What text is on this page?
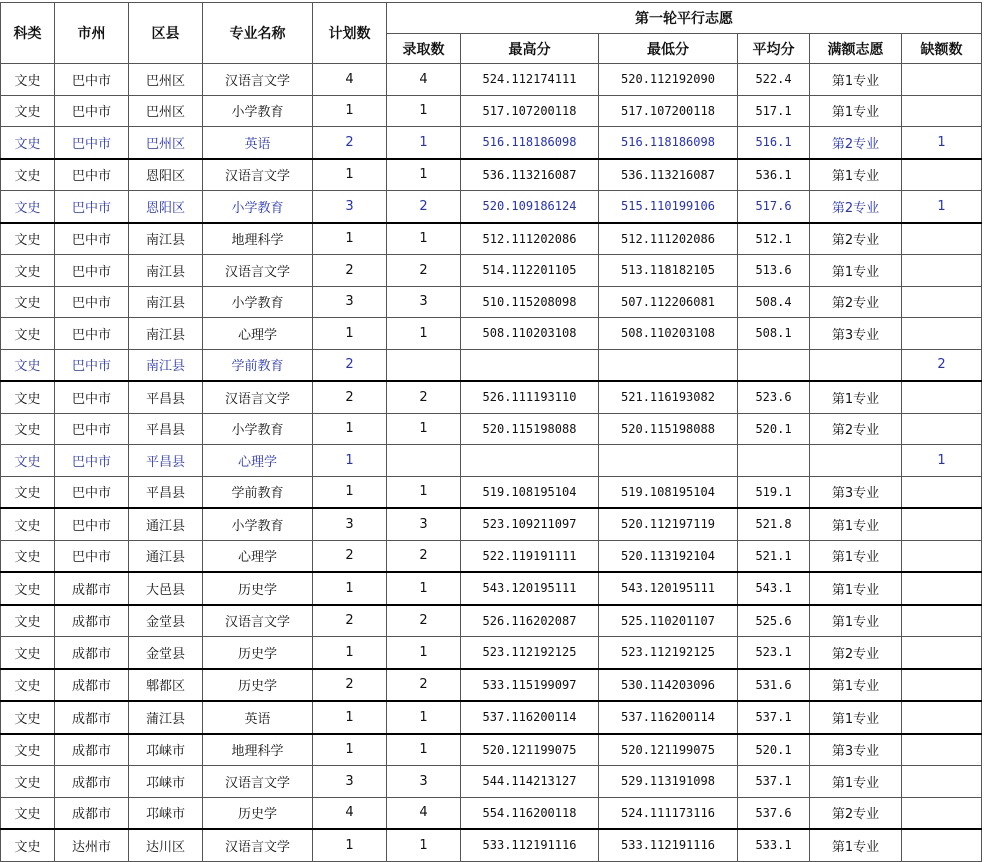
科类	市州	区县	专业名称	计划数	第一轮平行志愿					
					录取数	最高分	最低分	平均分	满额志愿	缺额数
文史	巴中市	巴州区	汉语言文学	4	4	524.112174111	520.112192090	522.4	第1专业	
文史	巴中市	巴州区	小学教育	1	1	517.107200118	517.107200118	517.1	第1专业	
文史	巴中市	巴州区	英语	2	1	516.118186098	516.118186098	516.1	第2专业	1
文史	巴中市	恩阳区	汉语言文学	1	1	536.113216087	536.113216087	536.1	第1专业	
文史	巴中市	恩阳区	小学教育	3	2	520.109186124	515.110199106	517.6	第2专业	1
文史	巴中市	南江县	地理科学	1	1	512.111202086	512.111202086	512.1	第2专业	
文史	巴中市	南江县	汉语言文学	2	2	514.112201105	513.118182105	513.6	第1专业	
文史	巴中市	南江县	小学教育	3	3	510.115208098	507.112206081	508.4	第2专业	
文史	巴中市	南江县	心理学	1	1	508.110203108	508.110203108	508.1	第3专业	
文史	巴中市	南江县	学前教育	2						2
文史	巴中市	平昌县	汉语言文学	2	2	526.111193110	521.116193082	523.6	第1专业	
文史	巴中市	平昌县	小学教育	1	1	520.115198088	520.115198088	520.1	第2专业	
文史	巴中市	平昌县	心理学	1						1
文史	巴中市	平昌县	学前教育	1	1	519.108195104	519.108195104	519.1	第3专业	
文史	巴中市	通江县	小学教育	3	3	523.109211097	520.112197119	521.8	第1专业	
文史	巴中市	通江县	心理学	2	2	522.119191111	520.113192104	521.1	第1专业	
文史	成都市	大邑县	历史学	1	1	543.120195111	543.120195111	543.1	第1专业	
文史	成都市	金堂县	汉语言文学	2	2	526.116202087	525.110201107	525.6	第1专业	
文史	成都市	金堂县	历史学	1	1	523.112192125	523.112192125	523.1	第2专业	
文史	成都市	郫都区	历史学	2	2	533.115199097	530.114203096	531.6	第1专业	
文史	成都市	蒲江县	英语	1	1	537.116200114	537.116200114	537.1	第1专业	
文史	成都市	邛崃市	地理科学	1	1	520.121199075	520.121199075	520.1	第3专业	
文史	成都市	邛崃市	汉语言文学	3	3	544.114213127	529.113191098	537.1	第1专业	
文史	成都市	邛崃市	历史学	4	4	554.116200118	524.111173116	537.6	第2专业	
文史	达州市	达川区	汉语言文学	1	1	533.112191116	533.112191116	533.1	第1专业	
